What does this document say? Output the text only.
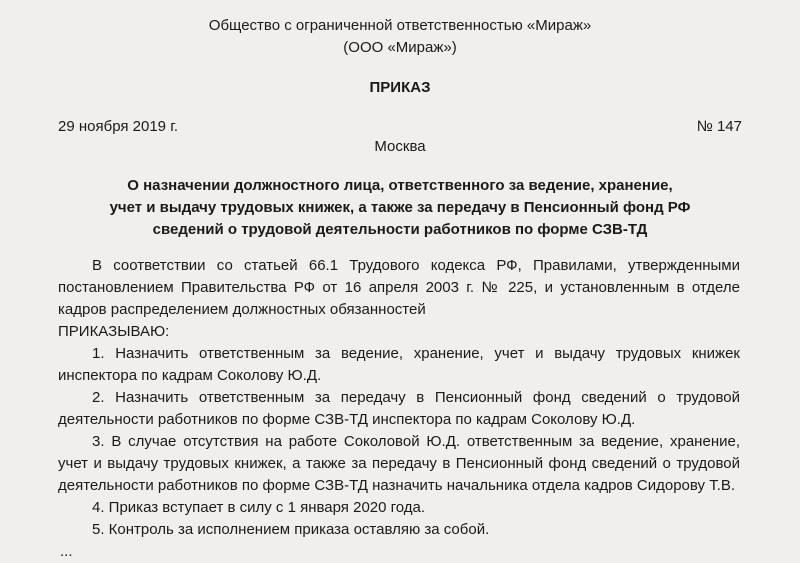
Общество с ограниченной ответственностью «Мираж»
(ООО «Мираж»)
ПРИКАЗ
29 ноября 2019 г.	№ 147
Москва
О назначении должностного лица, ответственного за ведение, хранение,
учет и выдачу трудовых книжек, а также за передачу в Пенсионный фонд РФ
сведений о трудовой деятельности работников по форме СЗВ-ТД

В соответствии со статьей 66.1 Трудового кодекса РФ, Правилами, утвержденными постановлением Правительства РФ от 16 апреля 2003 г. № 225, и установленным в отделе кадров распределением должностных обязанностей

ПРИКАЗЫВАЮ:

1. Назначить ответственным за ведение, хранение, учет и выдачу трудовых книжек инспектора по кадрам Соколову Ю.Д.
2. Назначить ответственным за передачу в Пенсионный фонд сведений о трудовой деятельности работников по форме СЗВ-ТД инспектора по кадрам Соколову Ю.Д.
3. В случае отсутствия на работе Соколовой Ю.Д. ответственным за ведение, хранение, учет и выдачу трудовых книжек, а также за передачу в Пенсионный фонд сведений о трудовой деятельности работников по форме СЗВ-ТД назначить начальника отдела кадров Сидорову Т.В.
4. Приказ вступает в силу с 1 января 2020 года.
5. Контроль за исполнением приказа оставляю за собой.

...
